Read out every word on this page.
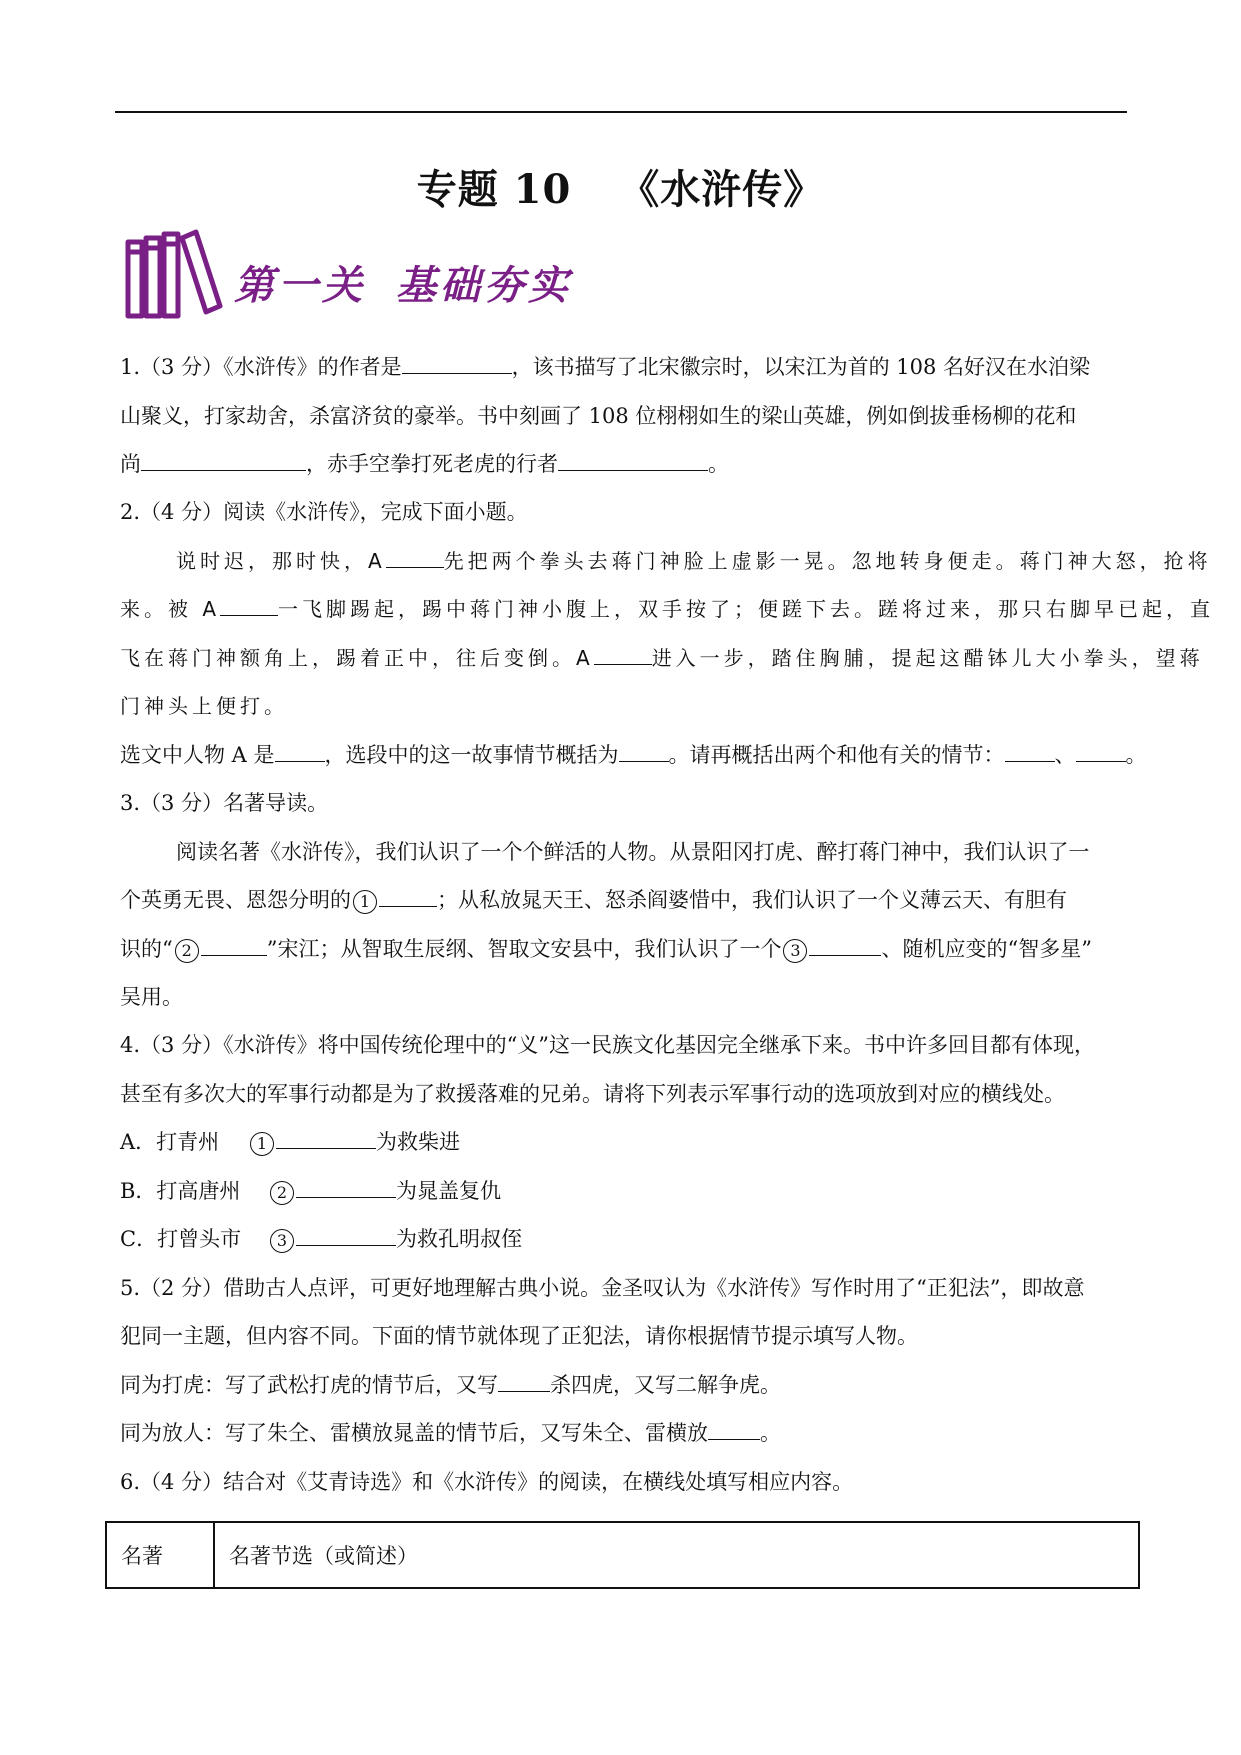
专题 10 《水浒传》
第一关 基础夯实
1.（3 分）《水浒传》的作者是	，该书描写了北宋徽宗时，以宋江为首的 108 名好汉在水泊梁
山聚义，打家劫舍，杀富济贫的豪举。书中刻画了 108 位栩栩如生的梁山英雄，例如倒拔垂杨柳的花和
尚	，赤手空拳打死老虎的行者	。
2.（4 分）阅读《水浒传》，完成下面小题。
说时迟，那时快，A	先把两个拳头去蒋门神脸上虚影一晃。忽地转身便走。蒋门神大怒，抢将
来。被 A	一飞脚踢起，踢中蒋门神小腹上，双手按了；便蹉下去。蹉将过来，那只右脚早已起，直
飞在蒋门神额角上，踢着正中，往后变倒。A	进入一步，踏住胸脯，提起这醋钵儿大小拳头，望蒋
门神头上便打。
选文中人物 A 是 ，选段中的这一故事情节概括为 。请再概括出两个和他有关的情节： 、 。
3.（3 分）名著导读。
阅读名著《水浒传》，我们认识了一个个鲜活的人物。从景阳冈打虎、醉打蒋门神中，我们认识了一
个英勇无畏、恩怨分明的 1	；从私放晁天王、怒杀阎婆惜中，我们认识了一个义薄云天、有胆有
识的“ 2	”宋江；从智取生辰纲、智取文安县中，我们认识了一个 3	、随机应变的“智多星”
吴用。
4.（3 分）《水浒传》将中国传统伦理中的“义”这一民族文化基因完全继承下来。书中许多回目都有体现，
甚至有多次大的军事行动都是为了救援落难的兄弟。请将下列表示军事行动的选项放到对应的横线处。
A．打青州 1	为救柴进
B．打高唐州 2	为晁盖复仇
C．打曾头市 3	为救孔明叔侄
5.（2 分）借助古人点评，可更好地理解古典小说。金圣叹认为《水浒传》写作时用了“正犯法”，即故意
犯同一主题，但内容不同。下面的情节就体现了正犯法，请你根据情节提示填写人物。
同为打虎：写了武松打虎的情节后，又写 杀四虎，又写二解争虎。
同为放人：写了朱仝、雷横放晁盖的情节后，又写朱仝、雷横放 。
6.（4 分）结合对《艾青诗选》和《水浒传》的阅读，在横线处填写相应内容。
名著	名著节选（或简述）
